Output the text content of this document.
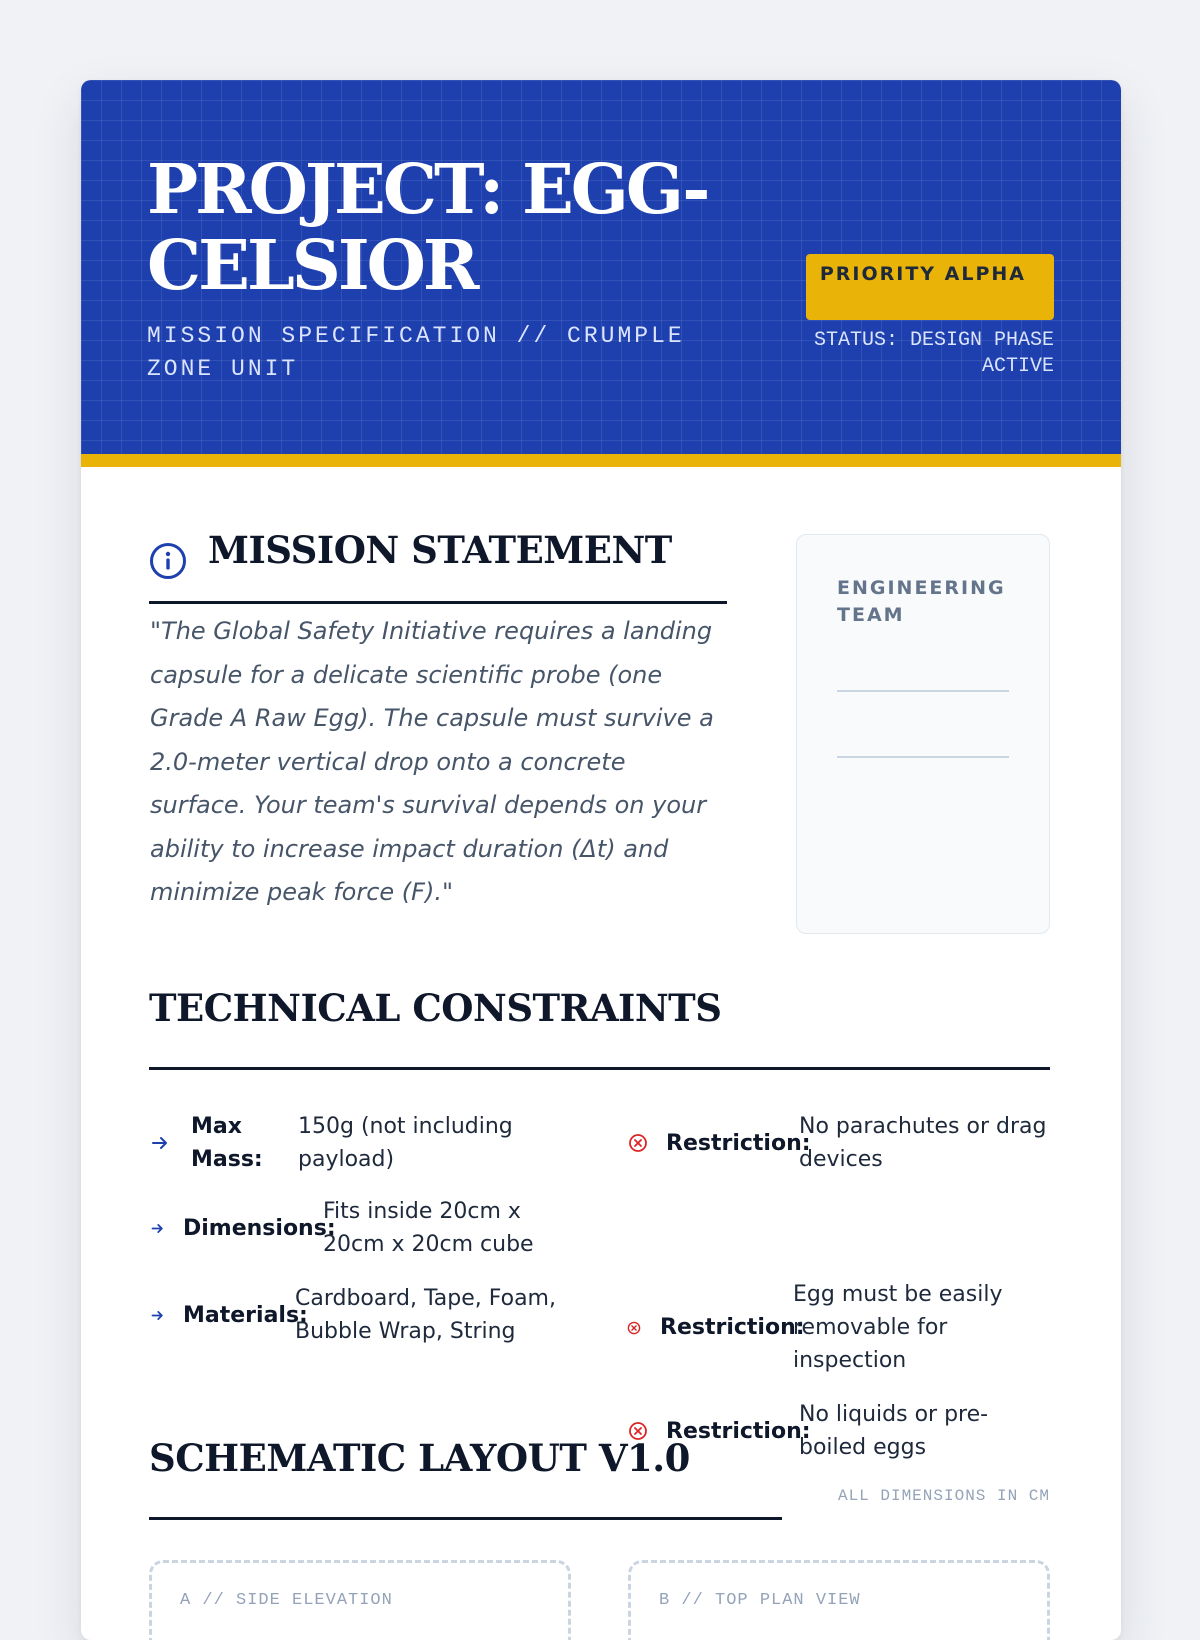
PROJECT: EGG-CELSIOR
MISSION SPECIFICATION // CRUMPLE ZONE UNIT
PRIORITY ALPHA
STATUS: DESIGN PHASE ACTIVE
MISSION STATEMENT
"The Global Safety Initiative requires a landing capsule for a delicate scientific probe (one Grade A Raw Egg). The capsule must survive a 2.0-meter vertical drop onto a concrete surface. Your team's survival depends on your ability to increase impact duration (Δt) and minimize peak force (F)."
ENGINEERING TEAM
TECHNICAL CONSTRAINTS
Max Mass:
150g (not including payload)
Dimensions:
Fits inside 20cm x 20cm x 20cm cube
Materials:
Cardboard, Tape, Foam, Bubble Wrap, String
Restriction:
No parachutes or drag devices
Restriction:
Egg must be easily removable for inspection
Restriction:
No liquids or pre-boiled eggs
SCHEMATIC LAYOUT V1.0
ALL DIMENSIONS IN CM
A // SIDE ELEVATION	B // TOP PLAN VIEW
